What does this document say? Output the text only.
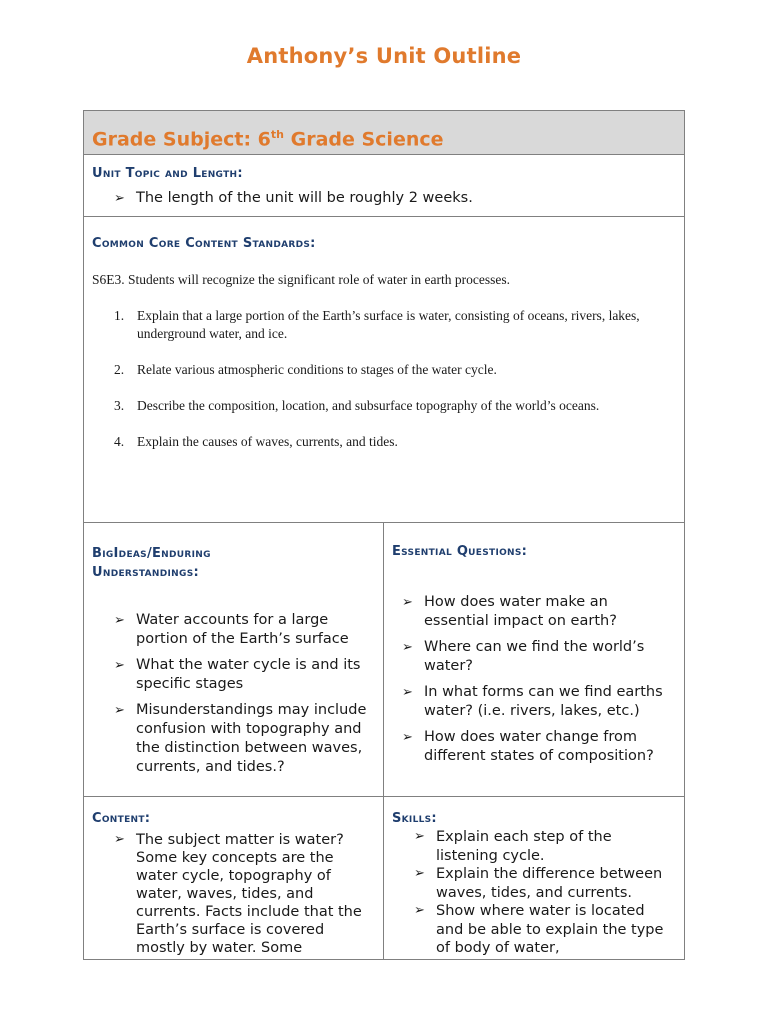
Anthony’s Unit Outline
Grade Subject: 6th Grade Science
Unit Topic and Length:
➢ The length of the unit will be roughly 2 weeks.
Common Core Content Standards:
S6E3. Students will recognize the significant role of water in earth processes.
1. Explain that a large portion of the Earth’s surface is water, consisting of oceans, rivers, lakes, underground water, and ice.
2. Relate various atmospheric conditions to stages of the water cycle.
3. Describe the composition, location, and subsurface topography of the world’s oceans.
4. Explain the causes of waves, currents, and tides.
BigIdeas/Enduring Understandings:
➢ Water accounts for a large portion of the Earth’s surface
➢ What the water cycle is and its specific stages
➢ Misunderstandings may include confusion with topography and the distinction between waves, currents, and tides.?
Essential Questions:
➢ How does water make an essential impact on earth?
➢ Where can we find the world’s water?
➢ In what forms can we find earths water? (i.e. rivers, lakes, etc.)
➢ How does water change from different states of composition?
Content:
➢ The subject matter is water? Some key concepts are the water cycle, topography of water, waves, tides, and currents. Facts include that the Earth’s surface is covered mostly by water. Some
Skills:
➢ Explain each step of the listening cycle.
➢ Explain the difference between waves, tides, and currents.
➢ Show where water is located and be able to explain the type of body of water,
